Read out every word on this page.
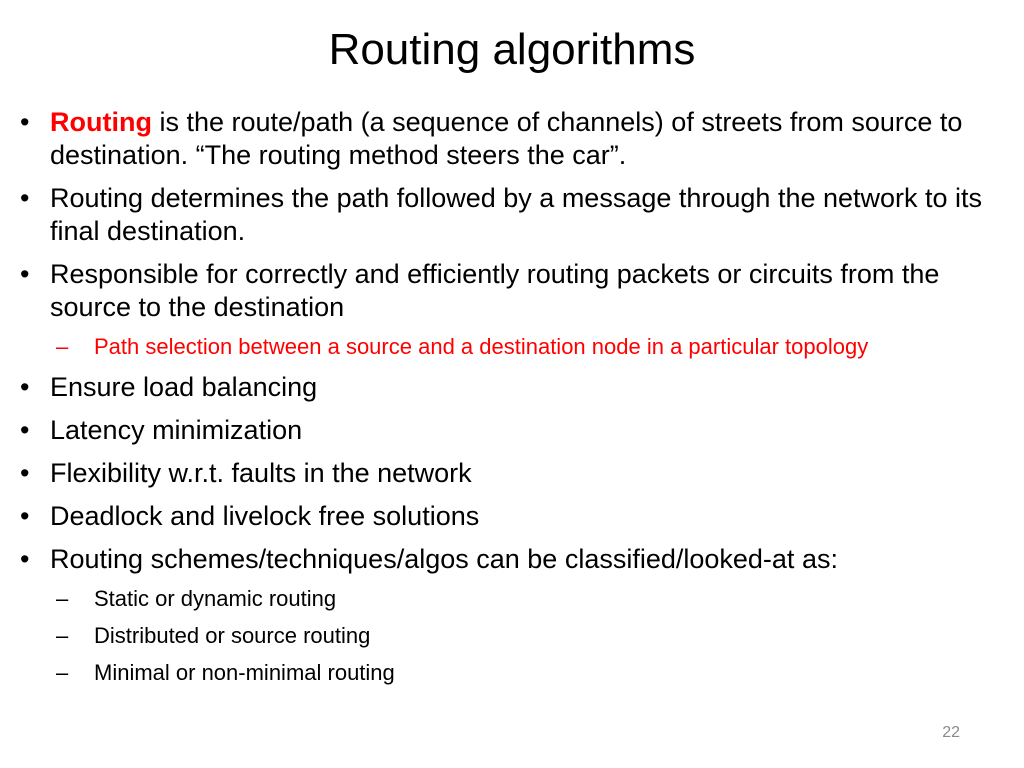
Routing algorithms
• Routing is the route/path (a sequence of channels) of streets from source to destination. “The routing method steers the car”.
• Routing determines the path followed by a message through the network to its final destination.
• Responsible for correctly and efficiently routing packets or circuits from the source to the destination
– Path selection between a source and a destination node in a particular topology
• Ensure load balancing
• Latency minimization
• Flexibility w.r.t. faults in the network
• Deadlock and livelock free solutions
• Routing schemes/techniques/algos can be classified/looked-at as:
– Static or dynamic routing
– Distributed or source routing
– Minimal or non-minimal routing
22
